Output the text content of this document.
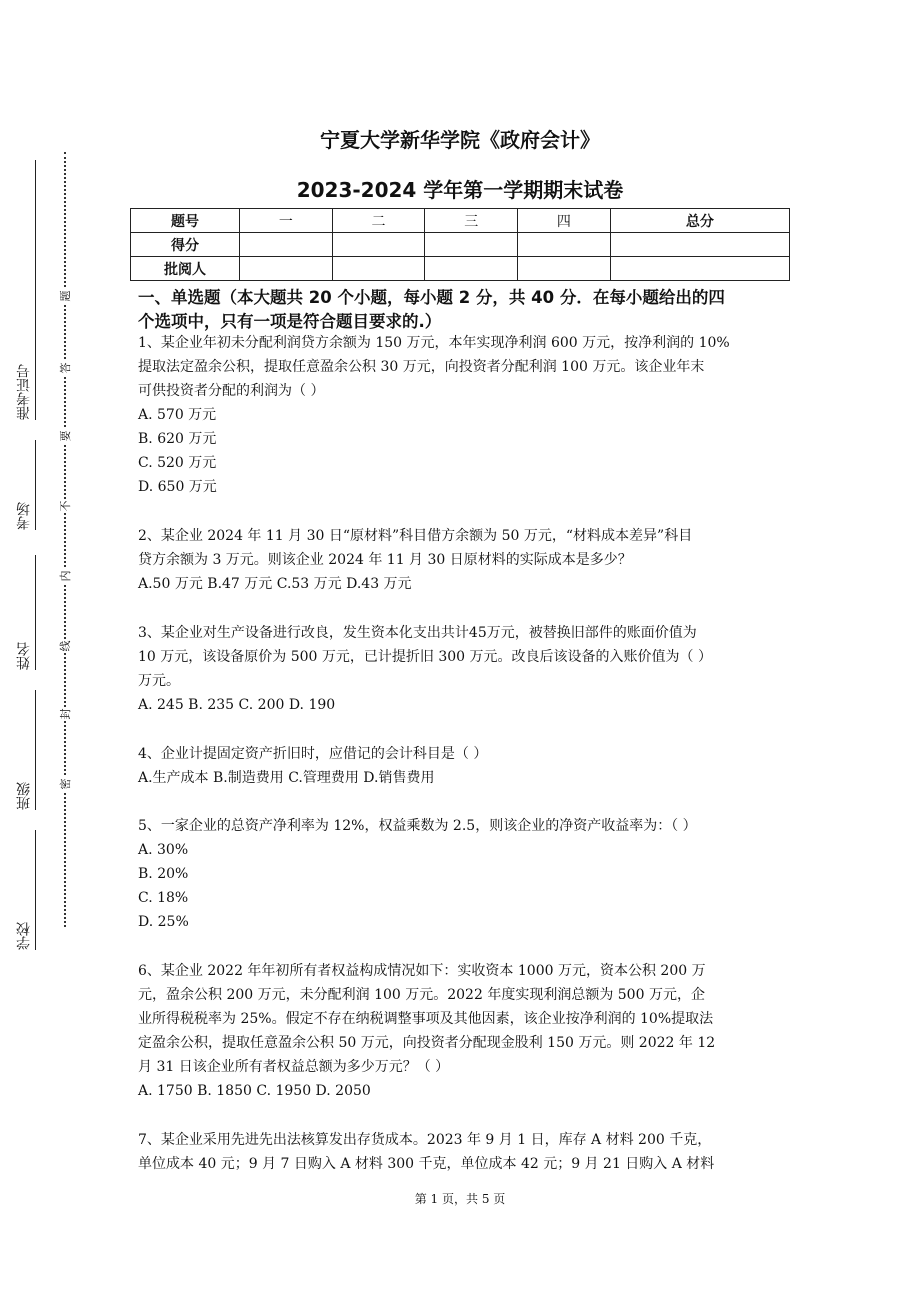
题
答
要
不
内
线
封
密
准考证号
考场
姓名
班级
学校
宁夏大学新华学院《政府会计》
2023-2024 学年第一学期期末试卷
题号	一	二	三	四	总分
得分					
批阅人					
一、单选题（本大题共 20 个小题，每小题 2 分，共 40 分．在每小题给出的四
个选项中，只有一项是符合题目要求的.）

1、某企业年初未分配利润贷方余额为 150 万元，本年实现净利润 600 万元，按净利润的 10%

提取法定盈余公积，提取任意盈余公积 30 万元，向投资者分配利润 100 万元。该企业年末

可供投资者分配的利润为（ ）

A. 570 万元

B. 620 万元

C. 520 万元

D. 650 万元

2、某企业 2024 年 11 月 30 日“原材料”科目借方余额为 50 万元，“材料成本差异”科目

贷方余额为 3 万元。则该企业 2024 年 11 月 30 日原材料的实际成本是多少？

A.50 万元 B.47 万元 C.53 万元 D.43 万元

3、某企业对生产设备进行改良，发生资本化支出共计45万元，被替换旧部件的账面价值为

10 万元，该设备原价为 500 万元，已计提折旧 300 万元。改良后该设备的入账价值为（ ）

万元。

A. 245 B. 235 C. 200 D. 190

4、企业计提固定资产折旧时，应借记的会计科目是（ ）

A.生产成本 B.制造费用 C.管理费用 D.销售费用

5、一家企业的总资产净利率为 12%，权益乘数为 2.5，则该企业的净资产收益率为：（ ）

A. 30%

B. 20%

C. 18%

D. 25%

6、某企业 2022 年年初所有者权益构成情况如下：实收资本 1000 万元，资本公积 200 万

元，盈余公积 200 万元，未分配利润 100 万元。2022 年度实现利润总额为 500 万元，企

业所得税税率为 25%。假定不存在纳税调整事项及其他因素，该企业按净利润的 10%提取法

定盈余公积，提取任意盈余公积 50 万元，向投资者分配现金股利 150 万元。则 2022 年 12

月 31 日该企业所有者权益总额为多少万元？（ ）

A. 1750 B. 1850 C. 1950 D. 2050

7、某企业采用先进先出法核算发出存货成本。2023 年 9 月 1 日，库存 A 材料 200 千克，

单位成本 40 元；9 月 7 日购入 A 材料 300 千克，单位成本 42 元；9 月 21 日购入 A 材料

第 1 页，共 5 页
